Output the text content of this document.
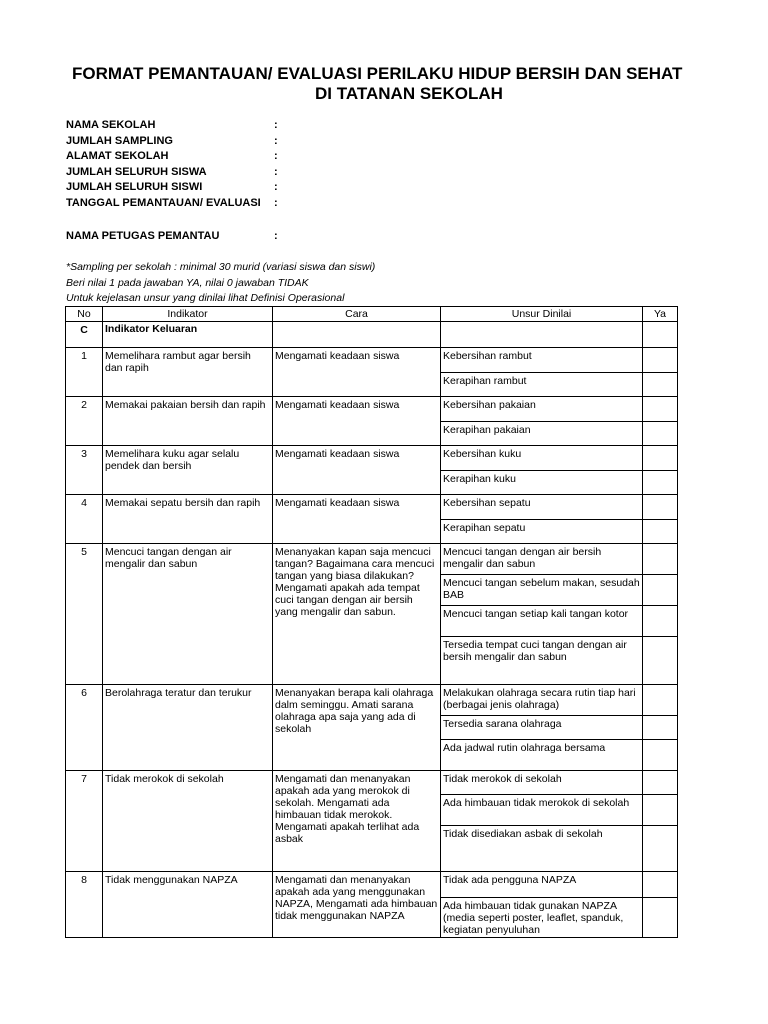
FORMAT PEMANTAUAN/ EVALUASI PERILAKU HIDUP BERSIH DAN SEHAT
DI TATANAN SEKOLAH
NAMA SEKOLAH	:
JUMLAH SAMPLING	:
ALAMAT SEKOLAH	:
JUMLAH SELURUH SISWA	:
JUMLAH SELURUH SISWI	:
TANGGAL PEMANTAUAN/ EVALUASI :
NAMA PETUGAS PEMANTAU	:
*Sampling per sekolah : minimal 30 murid (variasi siswa dan siswi)
Beri nilai 1 pada jawaban YA, nilai 0 jawaban TIDAK
Untuk kejelasan unsur yang dinilai lihat Definisi Operasional
No	Indikator	Cara	Unsur Dinilai	Ya
C	Indikator Keluaran			
1	Memelihara rambut agar bersih dan rapih	Mengamati keadaan siswa	Kebersihan rambut	
			Kerapihan rambut	
2	Memakai pakaian bersih dan rapih	Mengamati keadaan siswa	Kebersihan pakaian	
			Kerapihan pakaian	
3	Memelihara kuku agar selalu pendek dan bersih	Mengamati keadaan siswa	Kebersihan kuku	
			Kerapihan kuku	
4	Memakai sepatu bersih dan rapih	Mengamati keadaan siswa	Kebersihan sepatu	
			Kerapihan sepatu	
5	Mencuci tangan dengan air mengalir dan sabun	Menanyakan kapan saja mencuci tangan? Bagaimana cara mencuci tangan yang biasa dilakukan? Mengamati apakah ada tempat cuci tangan dengan air bersih yang mengalir dan sabun.	Mencuci tangan dengan air bersih mengalir dan sabun	
			Mencuci tangan sebelum makan, sesudah BAB	
			Mencuci tangan setiap kali tangan kotor	
			Tersedia tempat cuci tangan dengan air bersih mengalir dan sabun	
6	Berolahraga teratur dan terukur	Menanyakan berapa kali olahraga dalm seminggu. Amati sarana olahraga apa saja yang ada di sekolah	Melakukan olahraga secara rutin tiap hari (berbagai jenis olahraga)	
			Tersedia sarana olahraga	
			Ada jadwal rutin olahraga bersama	
7	Tidak merokok di sekolah	Mengamati dan menanyakan apakah ada yang merokok di sekolah. Mengamati ada himbauan tidak merokok. Mengamati apakah terlihat ada asbak	Tidak merokok di sekolah	
			Ada himbauan tidak merokok di sekolah	
			Tidak disediakan asbak di sekolah	
8	Tidak menggunakan NAPZA	Mengamati dan menanyakan apakah ada yang menggunakan NAPZA, Mengamati ada himbauan tidak menggunakan NAPZA	Tidak ada pengguna NAPZA	
			Ada himbauan tidak gunakan NAPZA (media seperti poster, leaflet, spanduk, kegiatan penyuluhan	
